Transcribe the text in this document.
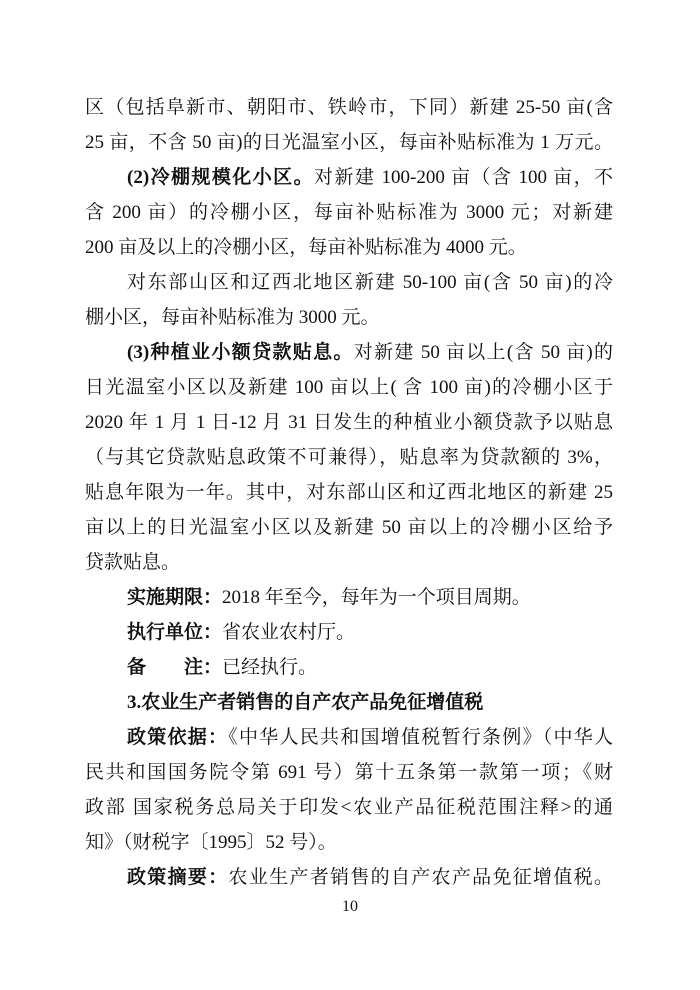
区（包括阜新市、朝阳市、铁岭市，下同）新建 25-50 亩(含
25 亩，不含 50 亩)的日光温室小区，每亩补贴标准为 1 万元。
(2)冷棚规模化小区。对新建 100-200 亩（含 100 亩，不
含 200 亩）的冷棚小区，每亩补贴标准为 3000 元；对新建
200 亩及以上的冷棚小区，每亩补贴标准为 4000 元。
对东部山区和辽西北地区新建 50-100 亩(含 50 亩)的冷
棚小区，每亩补贴标准为 3000 元。
(3)种植业小额贷款贴息。对新建 50 亩以上(含 50 亩)的
日光温室小区以及新建 100 亩以上( 含 100 亩)的冷棚小区于
2020 年 1 月 1 日-12 月 31 日发生的种植业小额贷款予以贴息
（与其它贷款贴息政策不可兼得），贴息率为贷款额的 3%，
贴息年限为一年。其中，对东部山区和辽西北地区的新建 25
亩以上的日光温室小区以及新建 50 亩以上的冷棚小区给予
贷款贴息。
实施期限：2018 年至今，每年为一个项目周期。
执行单位：省农业农村厅。
备　　注：已经执行。
3.农业生产者销售的自产农产品免征增值税
政策依据：《中华人民共和国增值税暂行条例》（中华人
民共和国国务院令第 691 号）第十五条第一款第一项；《财
政部 国家税务总局关于印发<农业产品征税范围注释>的通
知》（财税字〔1995〕52 号）。
政策摘要：农业生产者销售的自产农产品免征增值税。
10
